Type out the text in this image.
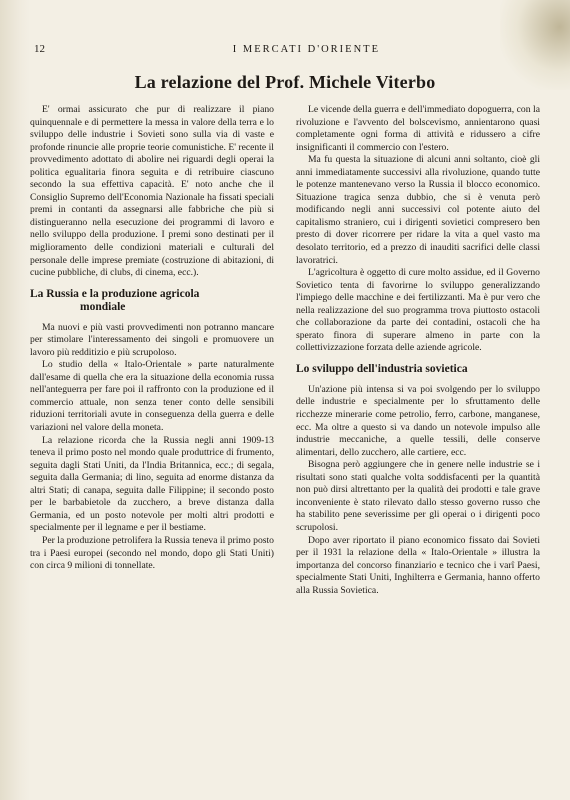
12	I MERCATI D'ORIENTE
La relazione del Prof. Michele Viterbo

E' ormai assicurato che pur di realizzare il piano quinquennale e di permettere la messa in valore della terra e lo sviluppo delle industrie i Sovieti sono sulla via di vaste e profonde rinuncie alle proprie teorie comunistiche. E' recente il provvedimento adottato di abolire nei riguardi degli operai la politica egualitaria finora seguita e di retribuire ciascuno secondo la sua effettiva capacità. E' noto anche che il Consiglio Supremo dell'Economia Nazionale ha fissati speciali premi in contanti da assegnarsi alle fabbriche che più si distingueranno nella esecuzione dei programmi di lavoro e nello sviluppo della produzione. I premi sono destinati per il miglioramento delle condizioni materiali e culturali del personale delle imprese premiate (costruzione di abitazioni, di cucine pubbliche, di clubs, di cinema, ecc.).

La Russia e la produzione agricola
mondiale

Ma nuovi e più vasti provvedimenti non potranno mancare per stimolare l'interessamento dei singoli e promuovere un lavoro più redditizio e più scrupoloso.

Lo studio della « Italo-Orientale » parte naturalmente dall'esame di quella che era la situazione della economia russa nell'anteguerra per fare poi il raffronto con la produzione ed il commercio attuale, non senza tener conto delle sensibili riduzioni territoriali avute in conseguenza della guerra e delle variazioni nel valore della moneta.

La relazione ricorda che la Russia negli anni 1909-13 teneva il primo posto nel mondo quale produttrice di frumento, seguita dagli Stati Uniti, da l'India Britannica, ecc.; di segala, seguita dalla Germania; di lino, seguita ad enorme distanza da altri Stati; di canapa, seguita dalle Filippine; il secondo posto per le barbabietole da zucchero, a breve distanza dalla Germania, ed un posto notevole per molti altri prodotti e specialmente per il legname e per il bestiame.

Per la produzione petrolifera la Russia teneva il primo posto tra i Paesi europei (secondo nel mondo, dopo gli Stati Uniti) con circa 9 milioni di tonnellate.

Le vicende della guerra e dell'immediato dopoguerra, con la rivoluzione e l'avvento del bolscevismo, annientarono quasi completamente ogni forma di attività e ridussero a cifre insignificanti il commercio con l'estero.

Ma fu questa la situazione di alcuni anni soltanto, cioè gli anni immediatamente successivi alla rivoluzione, quando tutte le potenze mantenevano verso la Russia il blocco economico. Situazione tragica senza dubbio, che si è venuta però modificando negli anni successivi col potente aiuto del capitalismo straniero, cui i dirigenti sovietici compresero ben presto di dover ricorrere per ridare la vita a quel vasto ma desolato territorio, ed a prezzo di inauditi sacrifici delle classi lavoratrici.

L'agricoltura è oggetto di cure molto assidue, ed il Governo Sovietico tenta di favorirne lo sviluppo generalizzando l'impiego delle macchine e dei fertilizzanti. Ma è pur vero che nella realizzazione del suo programma trova piuttosto ostacoli che collaborazione da parte dei contadini, ostacoli che ha sperato finora di superare almeno in parte con la collettivizzazione forzata delle aziende agricole.

Lo sviluppo dell'industria sovietica

Un'azione più intensa si va poi svolgendo per lo sviluppo delle industrie e specialmente per lo sfruttamento delle ricchezze minerarie come petrolio, ferro, carbone, manganese, ecc. Ma oltre a questo si va dando un notevole impulso alle industrie meccaniche, a quelle tessili, delle conserve alimentari, dello zucchero, alle cartiere, ecc.

Bisogna però aggiungere che in genere nelle industrie se i risultati sono stati qualche volta soddisfacenti per la quantità non può dirsi altrettanto per la qualità dei prodotti e tale grave inconveniente è stato rilevato dallo stesso governo russo che ha stabilito pene severissime per gli operai o i dirigenti poco scrupolosi.

Dopo aver riportato il piano economico fissato dai Sovieti per il 1931 la relazione della « Italo-Orientale » illustra la importanza del concorso finanziario e tecnico che i varî Paesi, specialmente Stati Uniti, Inghilterra e Germania, hanno offerto alla Russia Sovietica.
